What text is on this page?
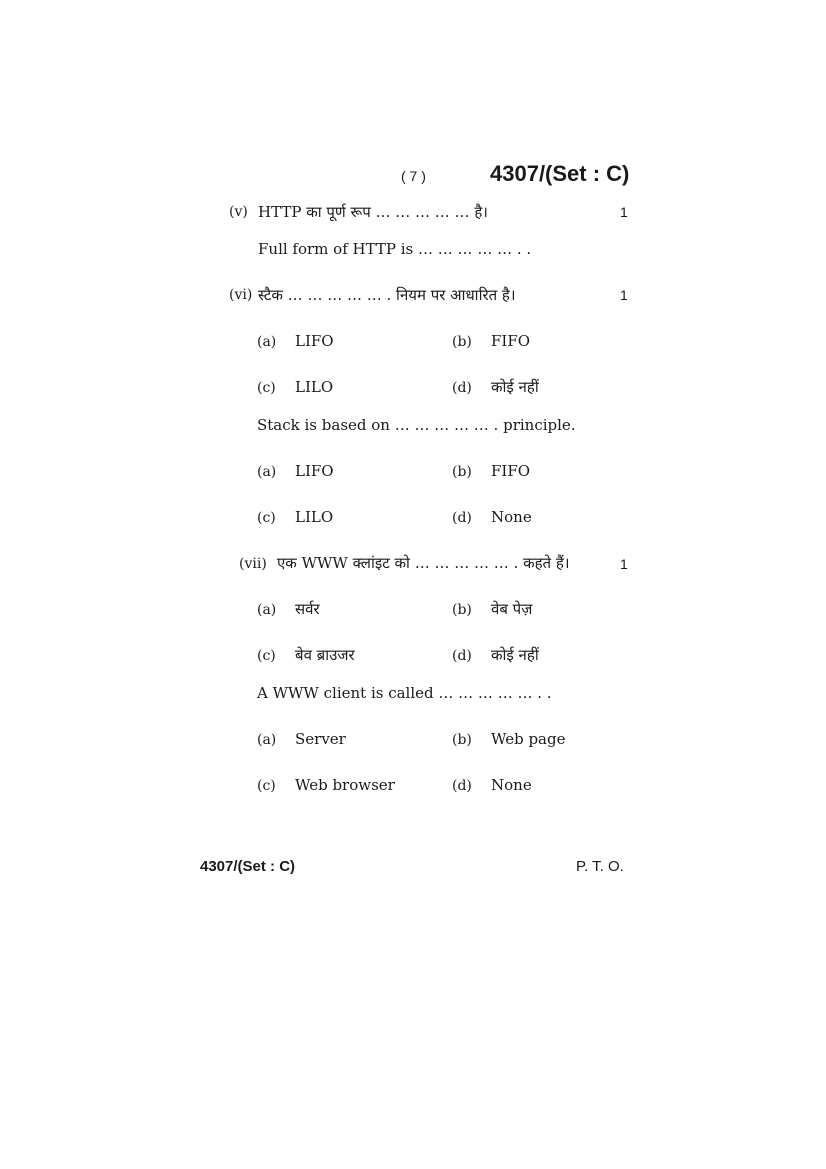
( 7 )	4307/(Set : C)
(v) HTTP का पूर्ण रूप … … … … … है।	1
Full form of HTTP is … … … … … . .
(vi) स्टैक … … … … … . नियम पर आधारित है।	1
(a) LIFO	(b) FIFO
(c) LILO	(d) कोई नहीं
Stack is based on … … … … … . principle.
(a) LIFO	(b) FIFO
(c) LILO	(d) None
(vii) एक WWW क्लांइट को … … … … … . कहते हैं।	1
(a) सर्वर	(b) वेब पेज़
(c) बेव ब्राउजर	(d) कोई नहीं
A WWW client is called … … … … … . .
(a) Server	(b) Web page
(c) Web browser	(d) None
4307/(Set : C)	P. T. O.
